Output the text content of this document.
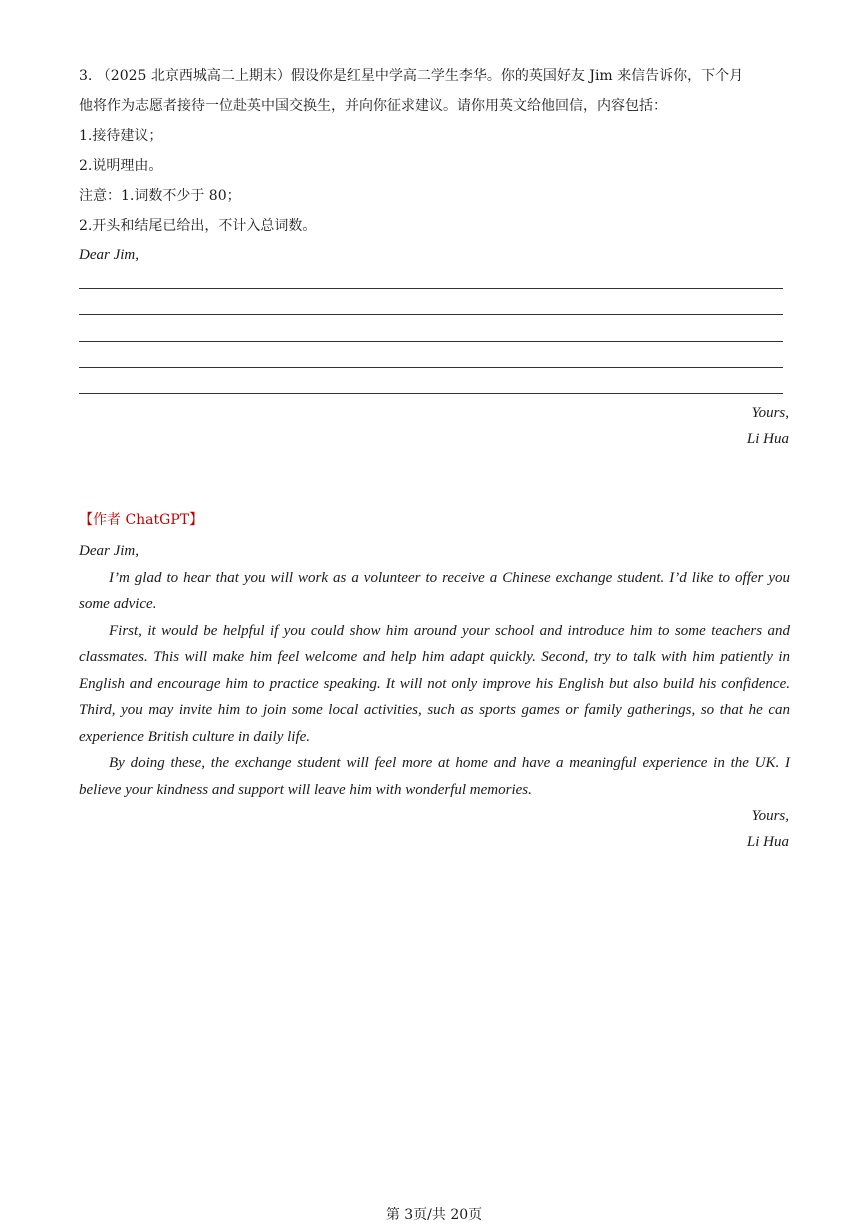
3. （2025 北京西城高二上期末）假设你是红星中学高二学生李华。你的英国好友 Jim 来信告诉你，下个月
他将作为志愿者接待一位赴英中国交换生，并向你征求建议。请你用英文给他回信，内容包括：
1.接待建议；
2.说明理由。
注意：1.词数不少于 80；
2.开头和结尾已给出，不计入总词数。
Dear Jim,
Yours,
Li Hua
【作者 ChatGPT】

Dear Jim,

I’m glad to hear that you will work as a volunteer to receive a Chinese exchange student. I’d like to offer you some advice.

First, it would be helpful if you could show him around your school and introduce him to some teachers and classmates. This will make him feel welcome and help him adapt quickly. Second, try to talk with him patiently in English and encourage him to practice speaking. It will not only improve his English but also build his confidence. Third, you may invite him to join some local activities, such as sports games or family gatherings, so that he can experience British culture in daily life.

By doing these, the exchange student will feel more at home and have a meaningful experience in the UK. I believe your kindness and support will leave him with wonderful memories.

Yours,
Li Hua
第 3页/共 20页
